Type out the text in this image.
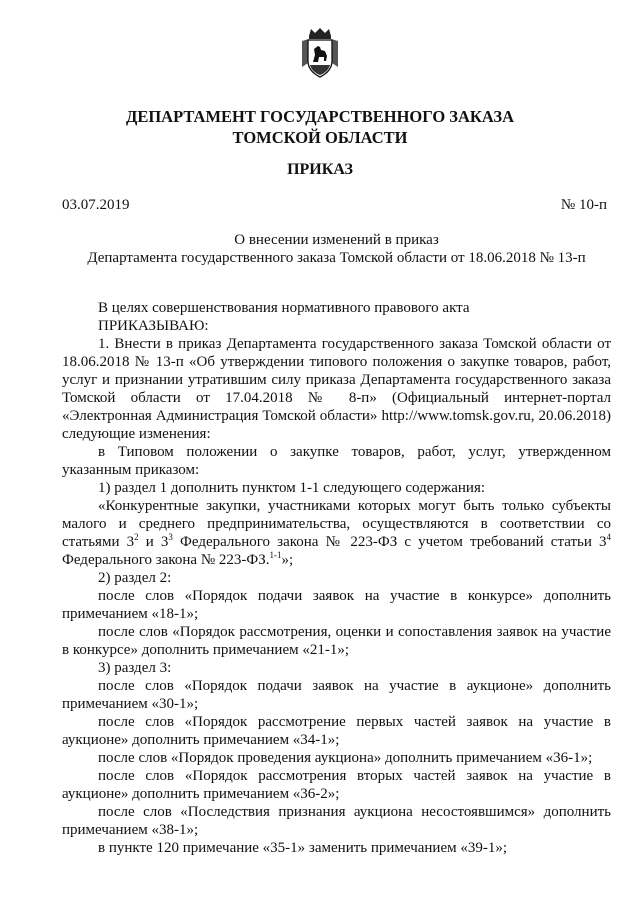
ДЕПАРТАМЕНТ ГОСУДАРСТВЕННОГО ЗАКАЗА
ТОМСКОЙ ОБЛАСТИ
ПРИКАЗ
03.07.2019	№ 10-п
О внесении изменений в приказ
Департамента государственного заказа Томской области от 18.06.2018 № 13-п

В целях совершенствования нормативного правового акта

ПРИКАЗЫВАЮ:

1. Внести в приказ Департамента государственного заказа Томской области от 18.06.2018 № 13-п «Об утверждении типового положения о закупке товаров, работ, услуг и признании утратившим силу приказа Департамента государственного заказа Томской области от 17.04.2018 № 8-п» (Официальный интернет-портал «Электронная Администрация Томской области» http://www.tomsk.gov.ru, 20.06.2018) следующие изменения:

в Типовом положении о закупке товаров, работ, услуг, утвержденном указанным приказом:

1) раздел 1 дополнить пунктом 1-1 следующего содержания:

«Конкурентные закупки, участниками которых могут быть только субъекты малого и среднего предпринимательства, осуществляются в соответствии со статьями $3^2$ и $3^3$ Федерального закона № 223-ФЗ с учетом требований статьи $3^4$ Федерального закона № 223-ФЗ.$^{1-1}$»;

2) раздел 2:

после слов «Порядок подачи заявок на участие в конкурсе» дополнить примечанием «18-1»;

после слов «Порядок рассмотрения, оценки и сопоставления заявок на участие в конкурсе» дополнить примечанием «21-1»;

3) раздел 3:

после слов «Порядок подачи заявок на участие в аукционе» дополнить примечанием «30-1»;

после слов «Порядок рассмотрение первых частей заявок на участие в аукционе» дополнить примечанием «34-1»;

после слов «Порядок проведения аукциона» дополнить примечанием «36-1»;

после слов «Порядок рассмотрения вторых частей заявок на участие в аукционе» дополнить примечанием «36-2»;

после слов «Последствия признания аукциона несостоявшимся» дополнить примечанием «38-1»;

в пункте 120 примечание «35-1» заменить примечанием «39-1»;
